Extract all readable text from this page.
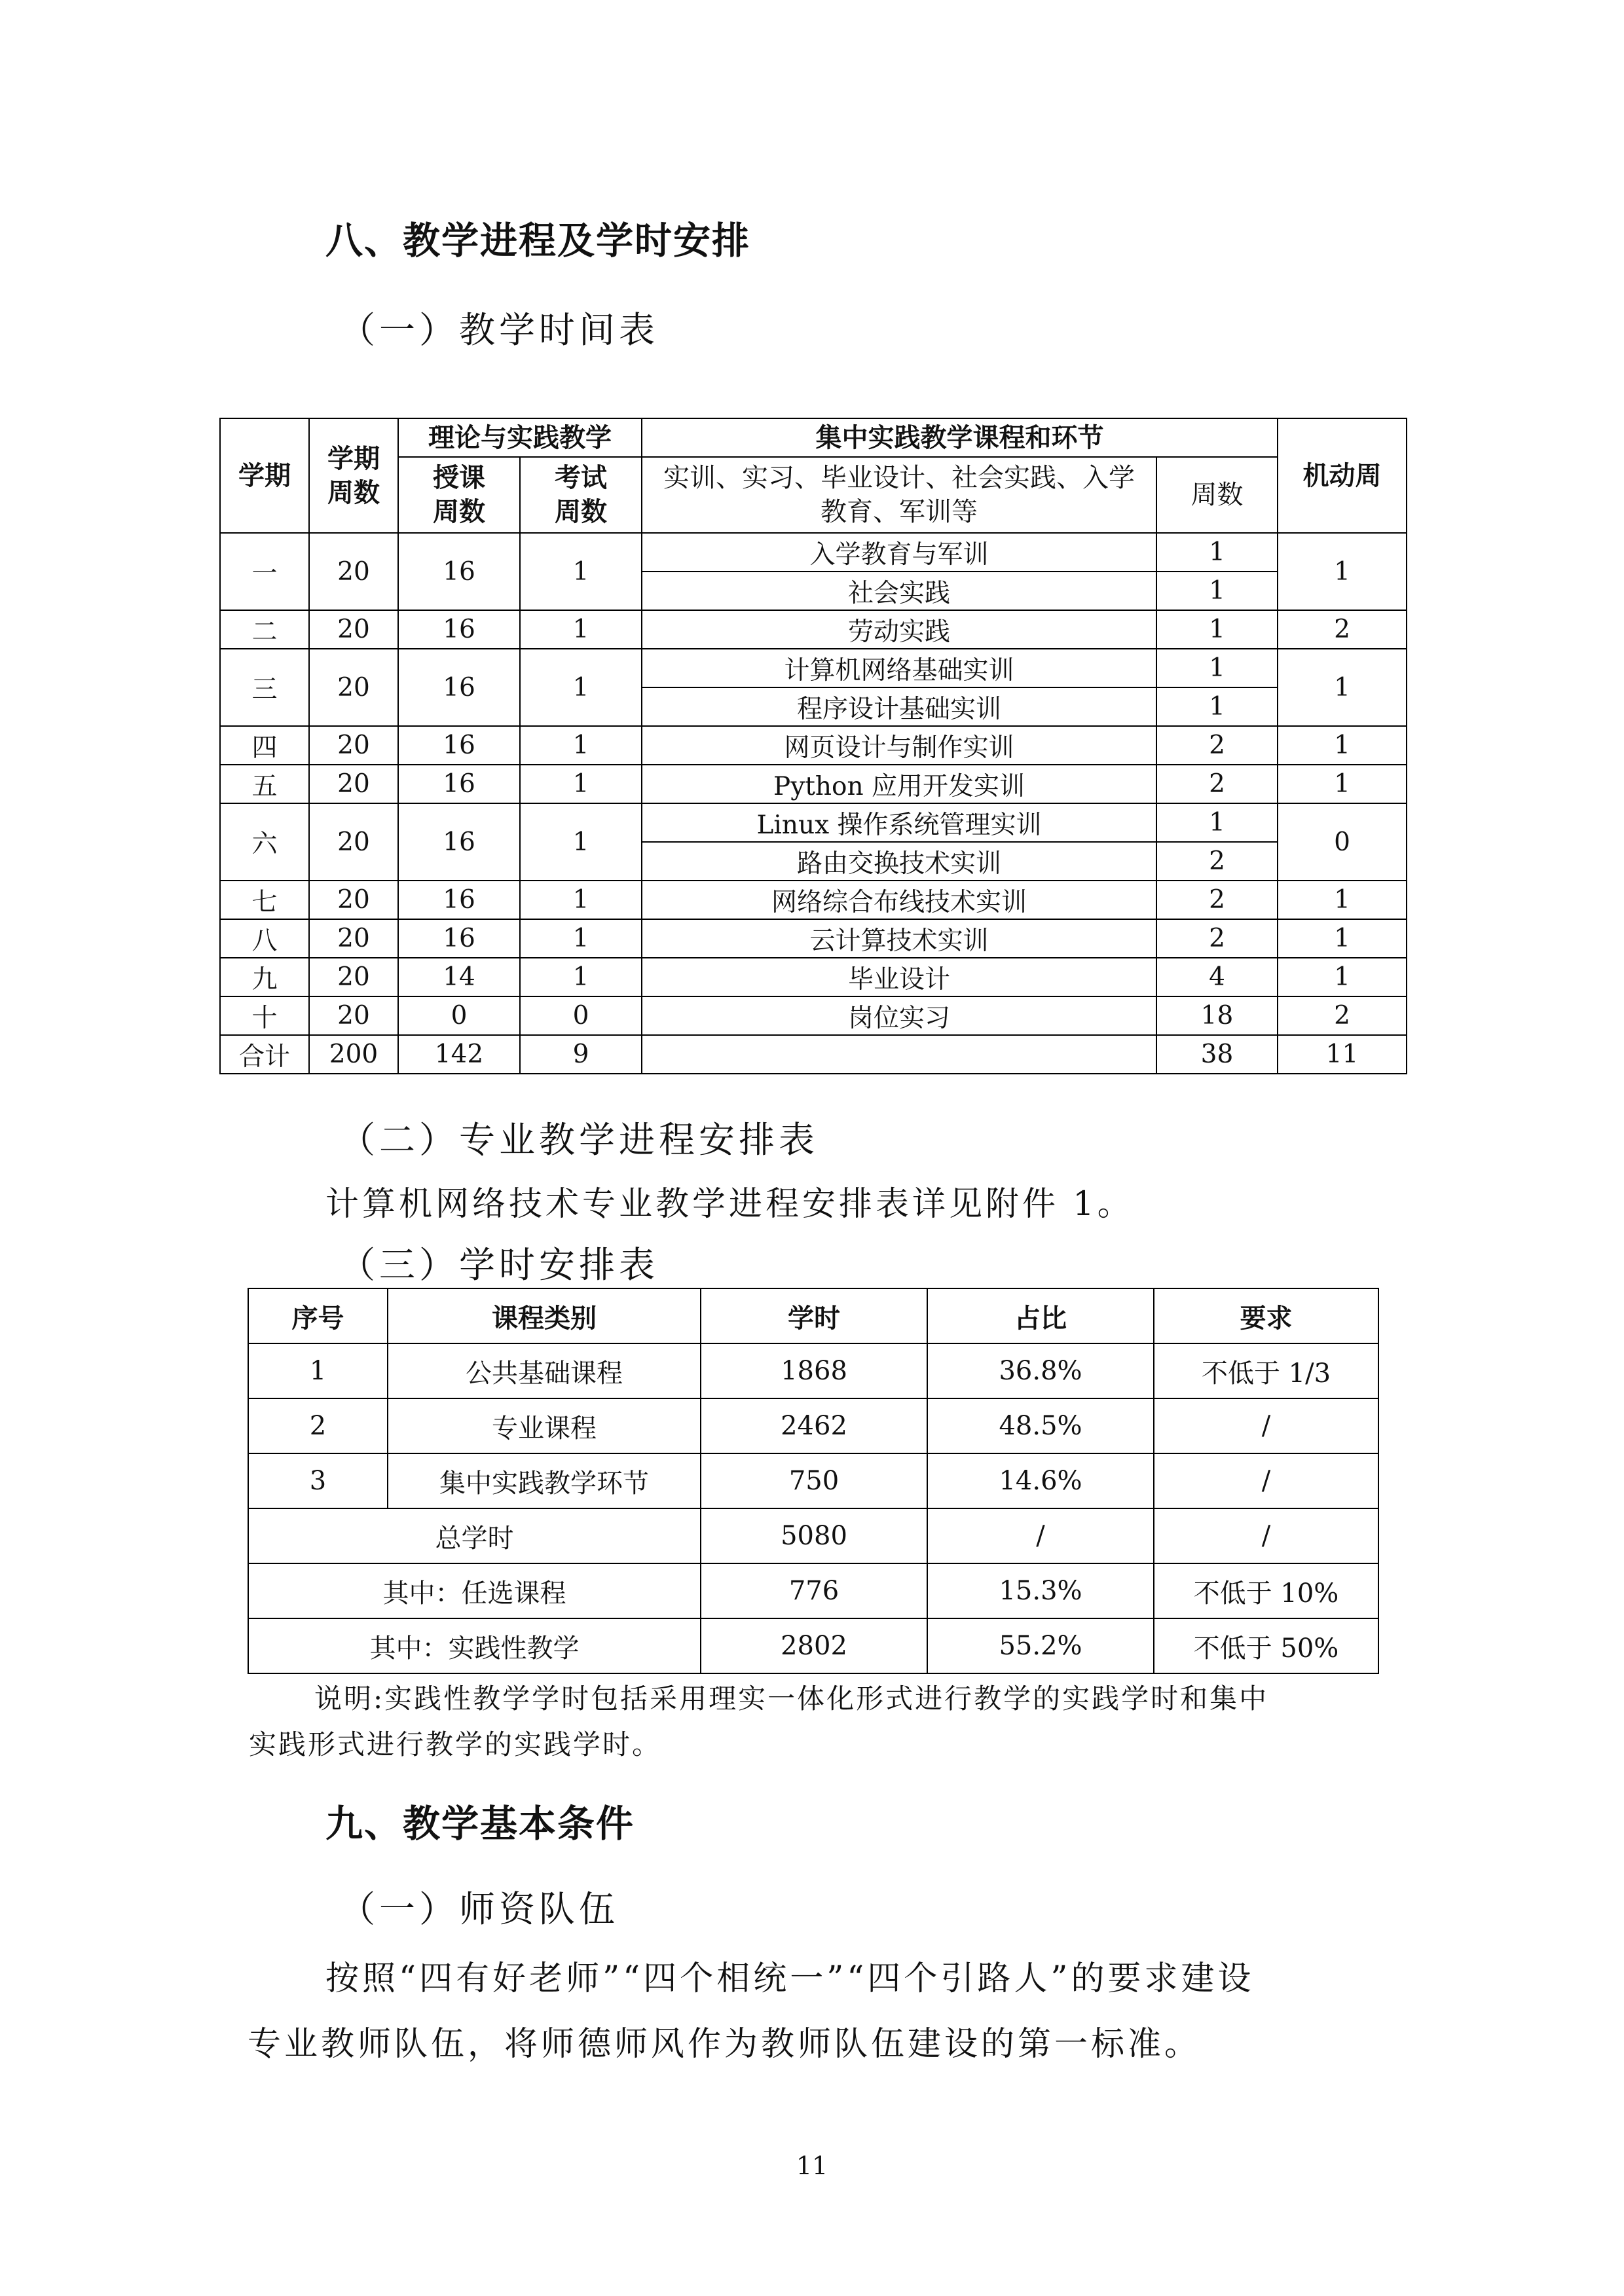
八、教学进程及学时安排
（一）教学时间表
学期	学期周数	理论与实践教学		集中实践教学课程和环节		机动周
		授课周数	考试周数	实训、实习、毕业设计、社会实践、入学教育、军训等	周数	
一	20	16	1	入学教育与军训	1	1
				社会实践	1	
二	20	16	1	劳动实践	1	2
三	20	16	1	计算机网络基础实训	1	1
				程序设计基础实训	1	
四	20	16	1	网页设计与制作实训	2	1
五	20	16	1	Python 应用开发实训	2	1
六	20	16	1	Linux 操作系统管理实训	1	0
				路由交换技术实训	2	
七	20	16	1	网络综合布线技术实训	2	1
八	20	16	1	云计算技术实训	2	1
九	20	14	1	毕业设计	4	1
十	20	0	0	岗位实习	18	2
合计	200	142	9		38	11
（二）专业教学进程安排表
计算机网络技术专业教学进程安排表详见附件 1。
（三）学时安排表
序号	课程类别	学时	占比	要求
1	公共基础课程	1868	36.8%	不低于 1/3
2	专业课程	2462	48.5%	/
3	集中实践教学环节	750	14.6%	/
总学时		5080	/	/
其中：任选课程		776	15.3%	不低于 10%
其中：实践性教学		2802	55.2%	不低于 50%
说明:实践性教学学时包括采用理实一体化形式进行教学的实践学时和集中
实践形式进行教学的实践学时。
九、教学基本条件
（一）师资队伍
按照“四有好老师”“四个相统一”“四个引路人”的要求建设
专业教师队伍，将师德师风作为教师队伍建设的第一标准。
11
